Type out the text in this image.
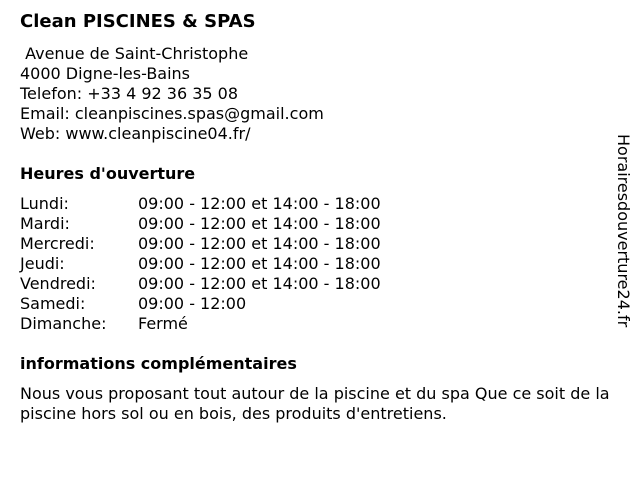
Clean PISCINES & SPAS
Avenue de Saint-Christophe
4000 Digne-les-Bains
Telefon: +33 4 92 36 35 08
Email: cleanpiscines.spas@gmail.com
Web: www.cleanpiscine04.fr/
Heures d'ouverture
Lundi:	09:00 - 12:00 et 14:00 - 18:00
Mardi:	09:00 - 12:00 et 14:00 - 18:00
Mercredi:	09:00 - 12:00 et 14:00 - 18:00
Jeudi:	09:00 - 12:00 et 14:00 - 18:00
Vendredi:	09:00 - 12:00 et 14:00 - 18:00
Samedi:	09:00 - 12:00
Dimanche: Fermé
informations complémentaires

Nous vous proposant tout autour de la piscine et du spa Que ce soit de la piscine hors sol ou en bois, des produits d'entretiens.

Horairesdouverture24.fr
